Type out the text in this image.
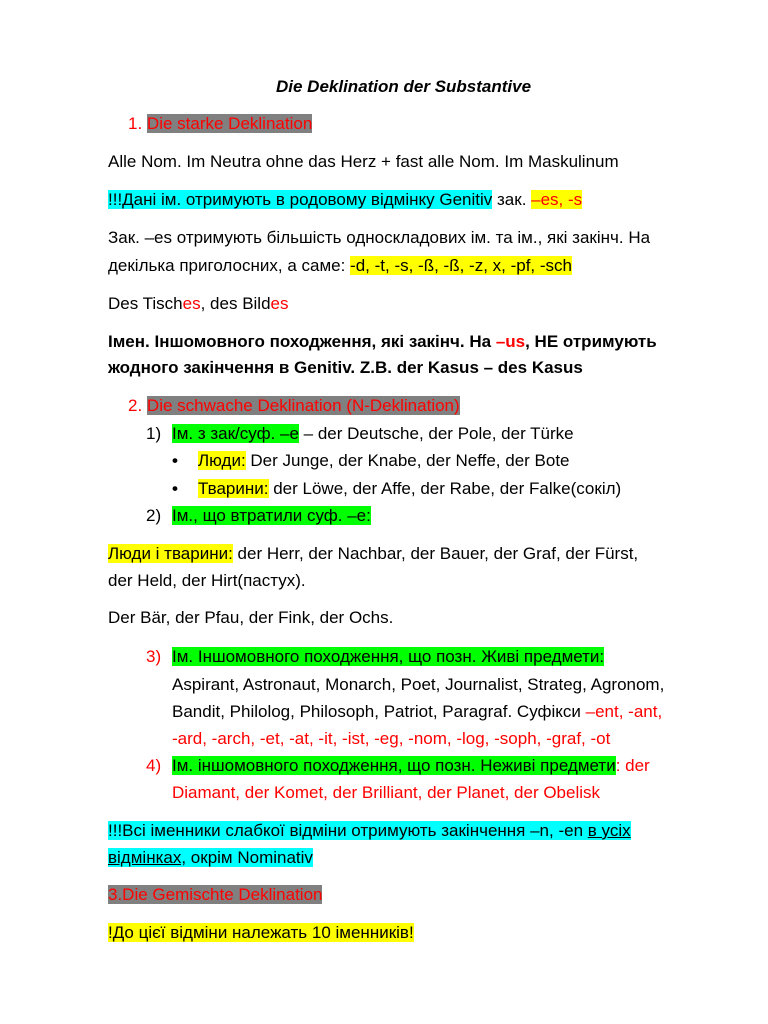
Die Deklination der Substantive
1. Die starke Deklination
Alle Nom. Im Neutra ohne das Herz + fast alle Nom. Im Maskulinum
!!!Дані ім. отримують в родовому відмінку Genitiv зак. –es, -s
Зак. –es отримують більшість односкладових ім. та ім., які закінч. На
декілька приголосних, а саме: -d, -t, -s, -ß, -ß, -z, x, -pf, -sch
Des Tisches, des Bildes
Імен. Іншомовного походження, які закінч. На –us, НЕ отримують
жодного закінчення в Genitiv. Z.B. der Kasus – des Kasus
2. Die schwache Deklination (N-Deklination)
1) Ім. з зак/суф. –е – der Deutsche, der Pole, der Türke
• Люди: Der Junge, der Knabe, der Neffe, der Bote
• Тварини: der Löwe, der Affe, der Rabe, der Falke(сокіл)
2) Ім., що втратили суф. –е:
Люди і тварини: der Herr, der Nachbar, der Bauer, der Graf, der Fürst,
der Held, der Hirt(пастух).
Der Bär, der Pfau, der Fink, der Ochs.
3) Ім. Іншомовного походження, що позн. Живі предмети:
Aspirant, Astronaut, Monarch, Poet, Journalist, Strateg, Agronom,
Bandit, Philolog, Philosoph, Patriot, Paragraf. Суфікси –ent, -ant,
-ard, -arch, -et, -at, -it, -ist, -eg, -nom, -log, -soph, -graf, -ot
4) Ім. іншомовного походження, що позн. Неживі предмети: der
Diamant, der Komet, der Brilliant, der Planet, der Obelisk
!!!Всі іменники слабкої відміни отримують закінчення –n, -en в усіх
відмінках, окрім Nominativ
3.Die Gemischte Deklination
!До цієї відміни належать 10 іменників!
